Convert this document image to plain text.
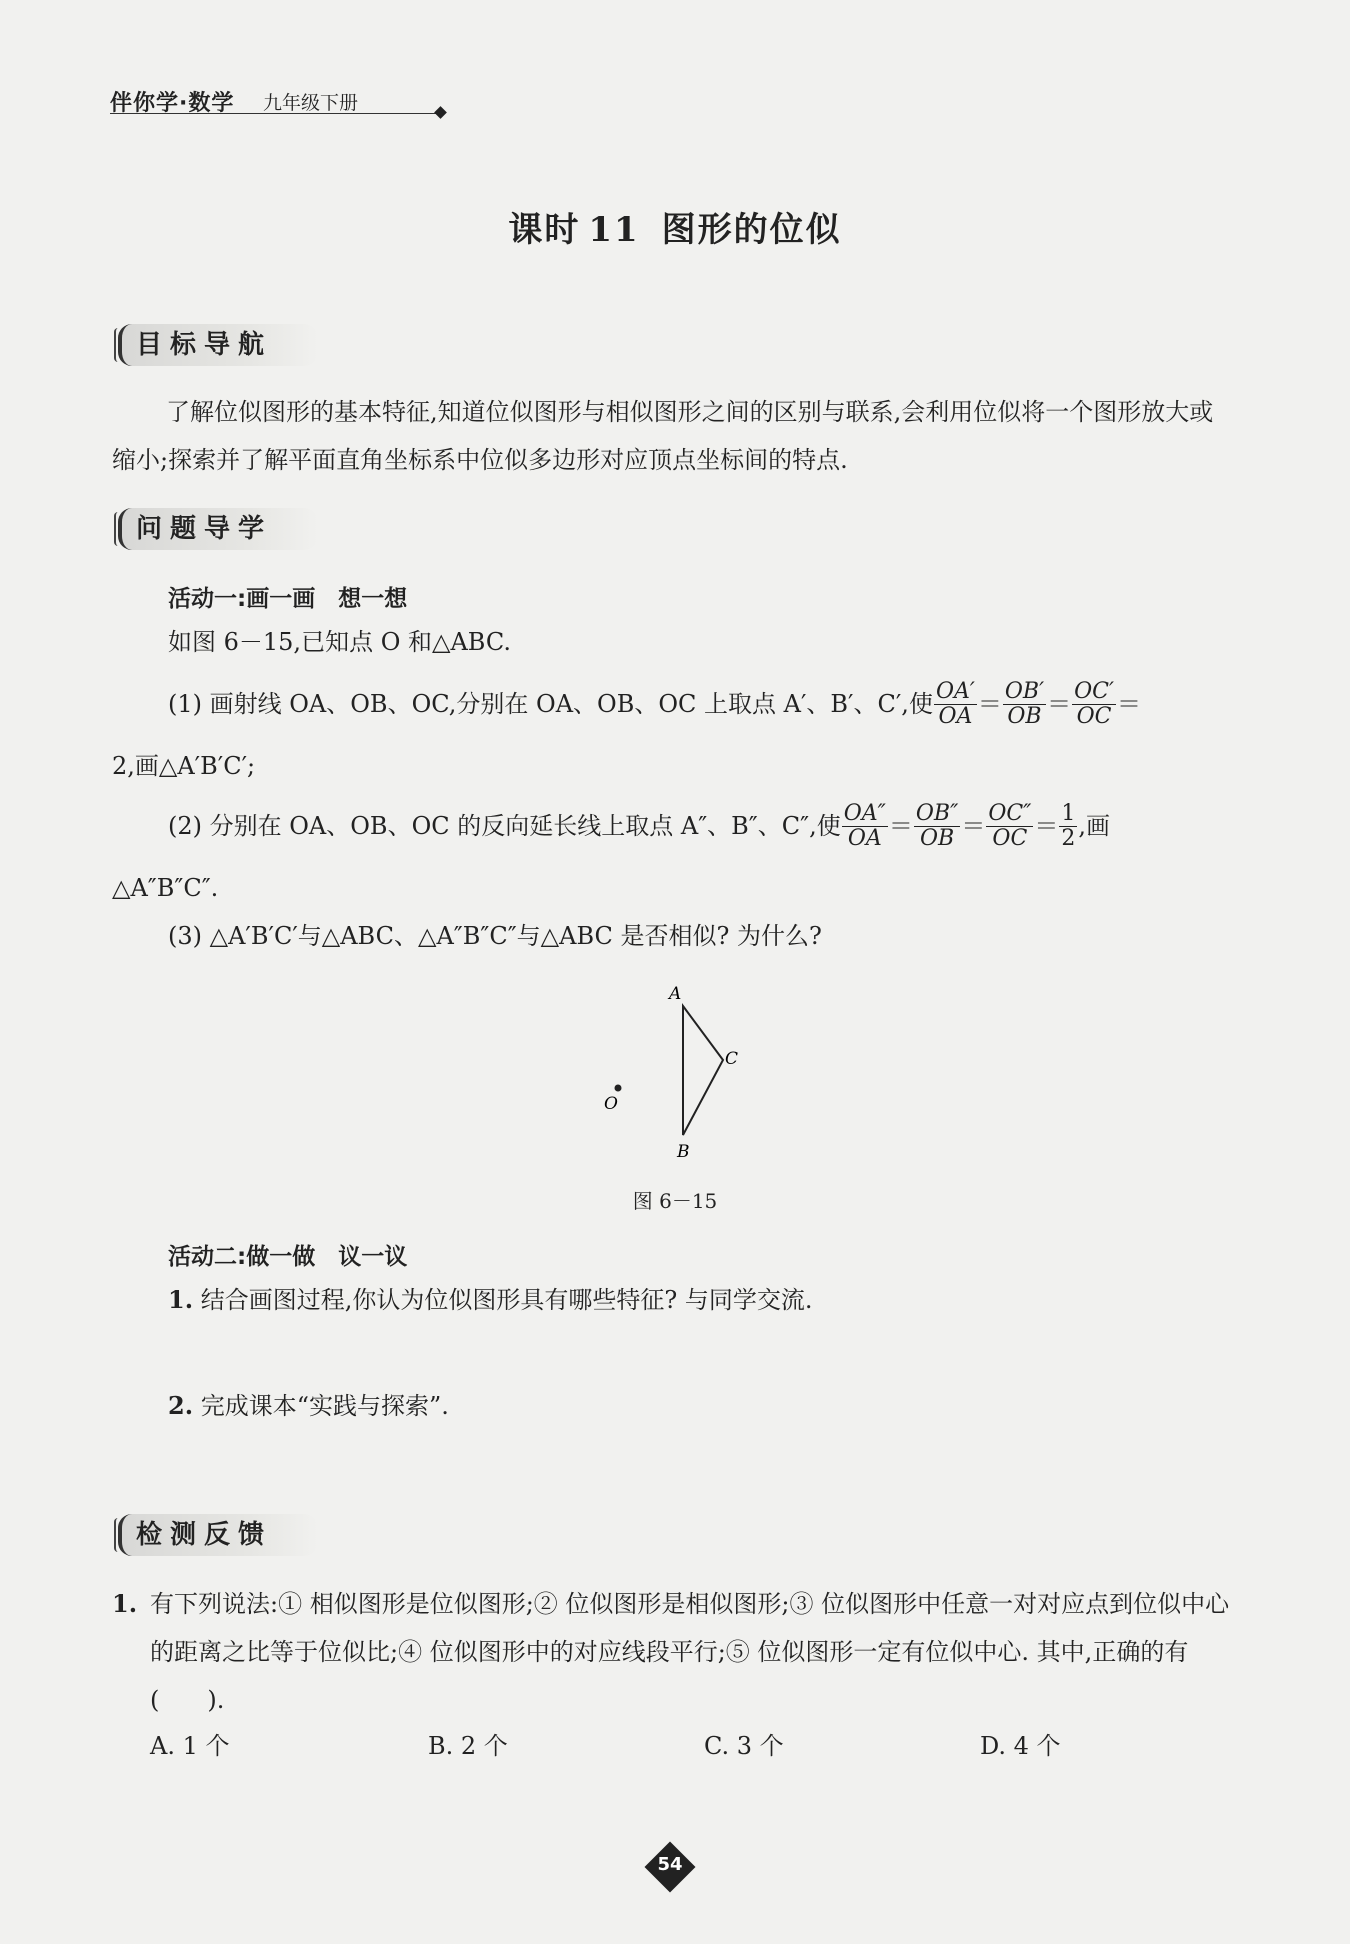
伴你学·数学 九年级下册
课时 11 图形的位似
目标导航
了解位似图形的基本特征,知道位似图形与相似图形之间的区别与联系,会利用位似将一个图形放大或缩小;探索并了解平面直角坐标系中位似多边形对应顶点坐标间的特点.
问题导学
活动一:画一画　想一想
如图 6－15,已知点 O 和△ABC.
(1) 画射线 OA、OB、OC,分别在 OA、OB、OC 上取点 A′、B′、C′,使 $\frac{OA'}{OA} = \frac{OB'}{OB} = \frac{OC'}{OC}$ ＝
2,画△A′B′C′;
(2) 分别在 OA、OB、OC 的反向延长线上取点 A″、B″、C″,使 $\frac{OA''}{OA} = \frac{OB''}{OB} = \frac{OC''}{OC} = \frac{1}{2}$ ,画
△A″B″C″.
(3) △A′B′C′与△ABC、△A″B″C″与△ABC 是否相似? 为什么?
A
C
B
O
图 6－15
活动二:做一做　议一议
1. 结合画图过程,你认为位似图形具有哪些特征? 与同学交流.
2. 完成课本“实践与探索”.
检测反馈
1. 有下列说法:① 相似图形是位似图形;② 位似图形是相似图形;③ 位似图形中任意一对对应点到位似中心的距离之比等于位似比;④ 位似图形中的对应线段平行;⑤ 位似图形一定有位似中心. 其中,正确的有(　　).
A. 1 个	B. 2 个	C. 3 个	D. 4 个
54
